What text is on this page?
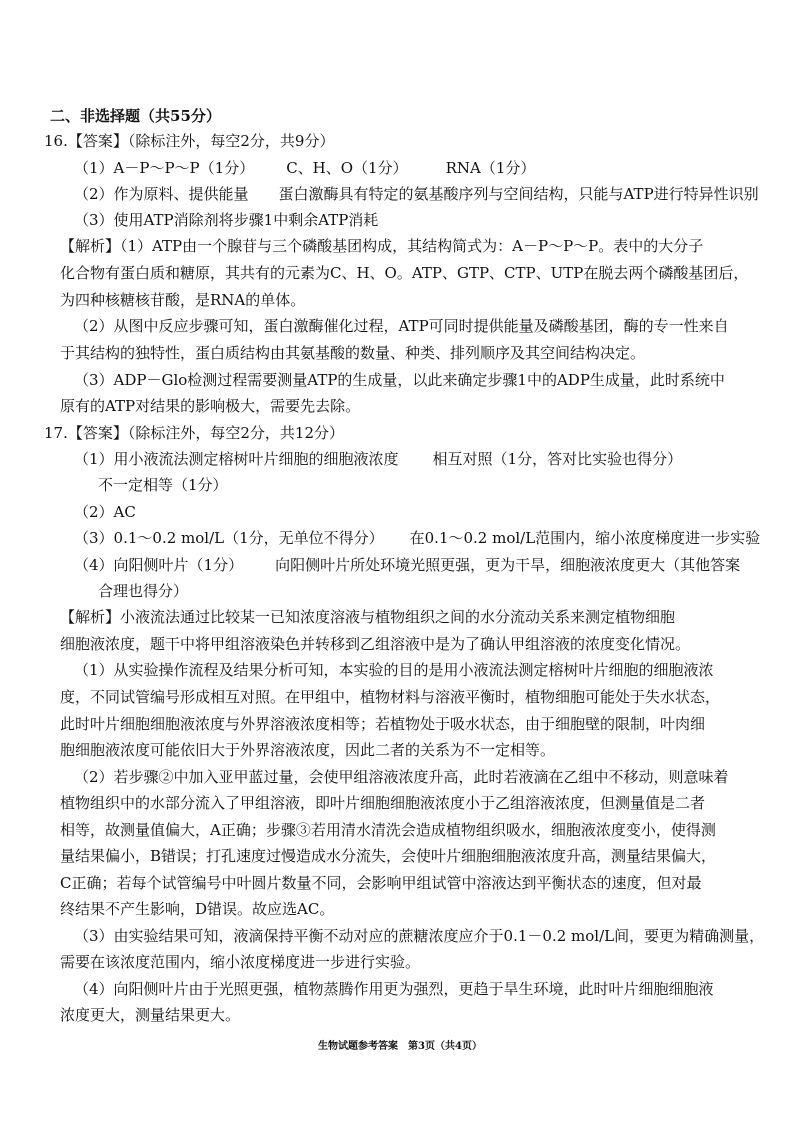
二、非选择题（共55分）
16.【答案】（除标注外，每空2分，共9分）
（1）A－P～P～P（1分） C、H、O（1分）	RNA（1分）
（2）作为原料、提供能量 蛋白激酶具有特定的氨基酸序列与空间结构，只能与ATP进行特异性识别
（3）使用ATP消除剂将步骤1中剩余ATP消耗
【解析】（1）ATP由一个腺苷与三个磷酸基团构成，其结构简式为：A－P～P～P。表中的大分子
化合物有蛋白质和糖原，其共有的元素为C、H、O。ATP、GTP、CTP、UTP在脱去两个磷酸基团后，
为四种核糖核苷酸，是RNA的单体。
（2）从图中反应步骤可知，蛋白激酶催化过程，ATP可同时提供能量及磷酸基团，酶的专一性来自
于其结构的独特性，蛋白质结构由其氨基酸的数量、种类、排列顺序及其空间结构决定。
（3）ADP－Glo检测过程需要测量ATP的生成量，以此来确定步骤1中的ADP生成量，此时系统中
原有的ATP对结果的影响极大，需要先去除。
17.【答案】（除标注外，每空2分，共12分）
（1）用小液流法测定榕树叶片细胞的细胞液浓度 相互对照（1分，答对比实验也得分）
不一定相等（1分）
（2）AC
（3）0.1～0.2 mol/L（1分，无单位不得分） 在0.1～0.2 mol/L范围内，缩小浓度梯度进一步实验
（4）向阳侧叶片（1分） 向阳侧叶片所处环境光照更强，更为干旱，细胞液浓度更大（其他答案
合理也得分）
【解析】小液流法通过比较某一已知浓度溶液与植物组织之间的水分流动关系来测定植物细胞
细胞液浓度，题干中将甲组溶液染色并转移到乙组溶液中是为了确认甲组溶液的浓度变化情况。
（1）从实验操作流程及结果分析可知，本实验的目的是用小液流法测定榕树叶片细胞的细胞液浓
度，不同试管编号形成相互对照。在甲组中，植物材料与溶液平衡时，植物细胞可能处于失水状态，
此时叶片细胞细胞液浓度与外界溶液浓度相等；若植物处于吸水状态，由于细胞壁的限制，叶肉细
胞细胞液浓度可能依旧大于外界溶液浓度，因此二者的关系为不一定相等。
（2）若步骤②中加入亚甲蓝过量，会使甲组溶液浓度升高，此时若液滴在乙组中不移动，则意味着
植物组织中的水部分流入了甲组溶液，即叶片细胞细胞液浓度小于乙组溶液浓度，但测量值是二者
相等，故测量值偏大，A正确；步骤③若用清水清洗会造成植物组织吸水，细胞液浓度变小，使得测
量结果偏小，B错误；打孔速度过慢造成水分流失，会使叶片细胞细胞液浓度升高，测量结果偏大，
C正确；若每个试管编号中叶圆片数量不同，会影响甲组试管中溶液达到平衡状态的速度，但对最
终结果不产生影响，D错误。故应选AC。
（3）由实验结果可知，液滴保持平衡不动对应的蔗糖浓度应介于0.1－0.2 mol/L间，要更为精确测量，
需要在该浓度范围内，缩小浓度梯度进一步进行实验。
（4）向阳侧叶片由于光照更强，植物蒸腾作用更为强烈，更趋于旱生环境，此时叶片细胞细胞液
浓度更大，测量结果更大。
生物试题参考答案　第3页（共4页）
